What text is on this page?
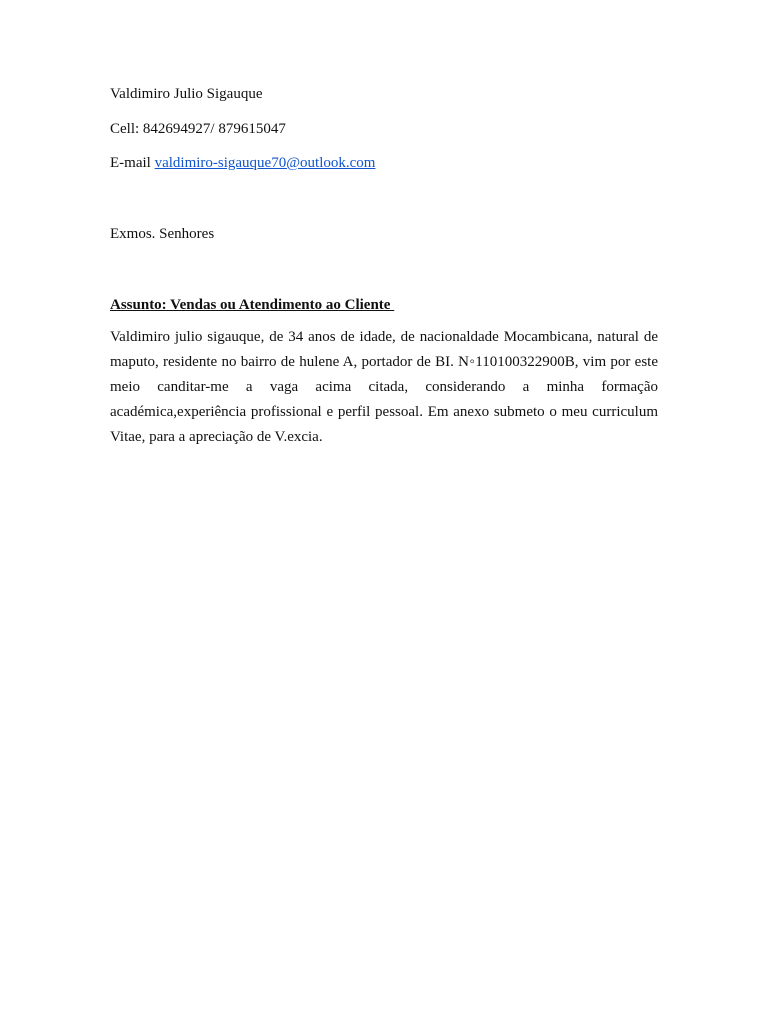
Valdimiro Julio Sigauque

Cell: 842694927/ 879615047

E-mail valdimiro-sigauque70@outlook.com

Exmos. Senhores

Assunto: Vendas ou Atendimento ao Cliente

Valdimiro julio sigauque, de 34 anos de idade, de nacionaldade Mocambicana, natural de maputo, residente no bairro de hulene A, portador de BI. N◦110100322900B, vim por este meio canditar-me a vaga acima citada, considerando a minha formação académica,experiência profissional e perfil pessoal. Em anexo submeto o meu curriculum Vitae, para a apreciação de V.excia.
